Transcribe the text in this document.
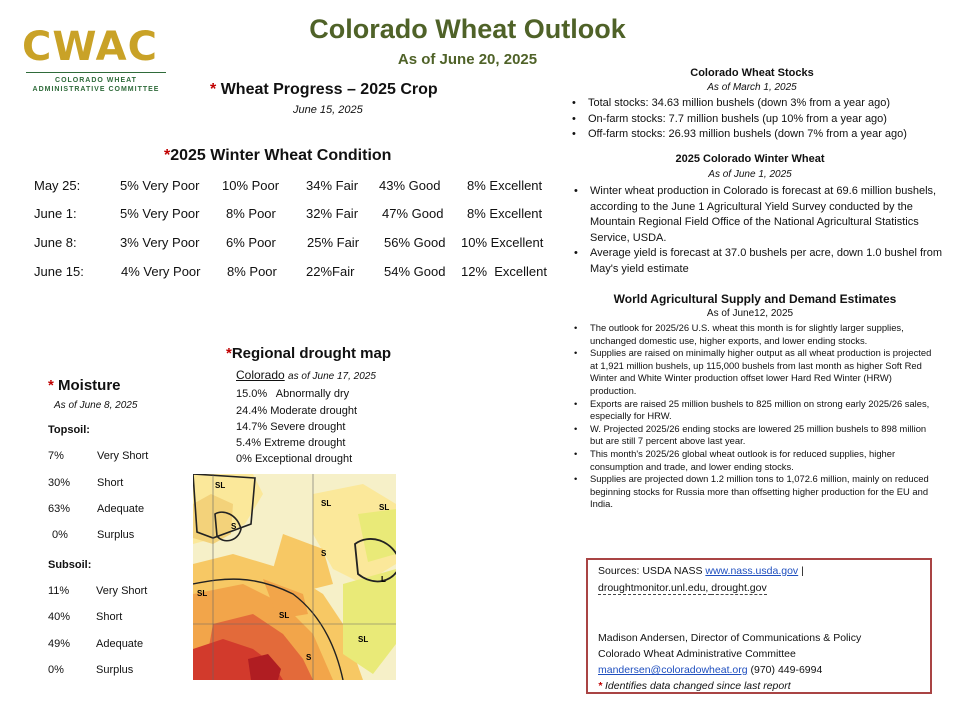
CWAC
COLORADO WHEAT
ADMINISTRATIVE COMMITTEE
Colorado Wheat Outlook
As of June 20, 2025
* Wheat Progress – 2025 Crop
June 15, 2025
*2025 Winter Wheat Condition
May 25:	5% Very Poor 10% Poor 34% Fair 43% Good 8% Excellent
June 1:	5% Very Poor 8% Poor 32% Fair 47% Good 8% Excellent
June 8:	3% Very Poor 6% Poor 25% Fair 56% Good 10% Excellent
June 15:	4% Very Poor 8% Poor 22%Fair 54% Good 12%  Excellent
* Moisture
As of June 8, 2025
Topsoil:
7%	Very Short
30% Short
63% Adequate
0%	Surplus
Subsoil:
11% Very Short
40% Short
49% Adequate
0%	Surplus
*Regional drought map
Colorado as of June 17, 2025
15.0%   Abnormally dry
24.4% Moderate drought
14.7% Severe drought
5.4% Extreme drought
0% Exceptional drought
SL
S
SL	SL
L
SL
SL
S
SL
S
Colorado Wheat Stocks
As of March 1, 2025
• Total stocks: 34.63 million bushels (down 3% from a year ago)
• On-farm stocks: 7.7 million bushels (up 10% from a year ago)
• Off-farm stocks: 26.93 million bushels (down 7% from a year ago)
2025 Colorado Winter Wheat
As of June 1, 2025
• Winter wheat production in Colorado is forecast at 69.6 million bushels, according to the June 1 Agricultural Yield Survey conducted by the Mountain Regional Field Office of the National Agricultural Statistics Service, USDA.
• Average yield is forecast at 37.0 bushels per acre, down 1.0 bushel from May's yield estimate
World Agricultural Supply and Demand Estimates
As of June12, 2025
• The outlook for 2025/26 U.S. wheat this month is for slightly larger supplies, unchanged domestic use, higher exports, and lower ending stocks.
• Supplies are raised on minimally higher output as all wheat production is projected at 1,921 million bushels, up 115,000 bushels from last month as higher Soft Red Winter and White Winter production offset lower Hard Red Winter (HRW) production.
• Exports are raised 25 million bushels to 825 million on strong early 2025/26 sales, especially for HRW.
• W. Projected 2025/26 ending stocks are lowered 25 million bushels to 898 million but are still 7 percent above last year.
• This month's 2025/26 global wheat outlook is for reduced supplies, higher consumption and trade, and lower ending stocks.
• Supplies are projected down 1.2 million tons to 1,072.6 million, mainly on reduced beginning stocks for Russia more than offsetting higher production for the EU and India.
Sources: USDA NASS www.nass.usda.gov |
droughtmonitor.unl.edu, drought.gov
Madison Andersen, Director of Communications & Policy
Colorado Wheat Administrative Committee
mandersen@coloradowheat.org (970) 449-6994
* Identifies data changed since last report
